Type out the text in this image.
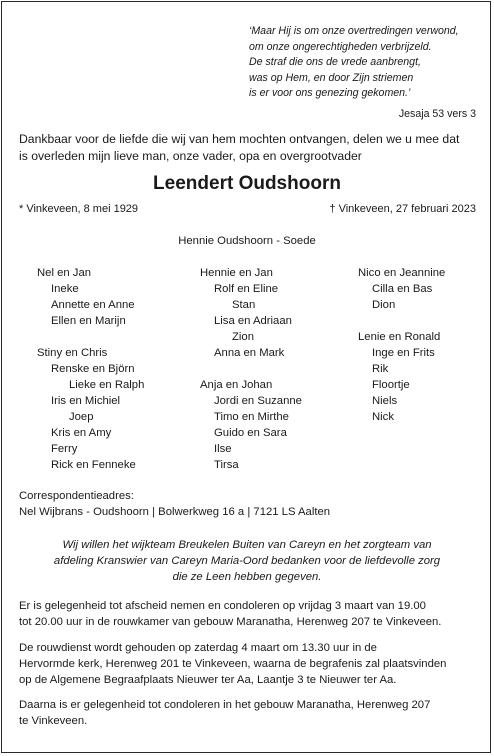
‘Maar Hij is om onze overtredingen verwond,
om onze ongerechtigheden verbrijzeld.
De straf die ons de vrede aanbrengt,
was op Hem, en door Zijn striemen
is er voor ons genezing gekomen.’
Jesaja 53 vers 3
Dankbaar voor de liefde die wij van hem mochten ontvangen, delen we u mee dat
is overleden mijn lieve man, onze vader, opa en overgrootvader
Leendert Oudshoorn
* Vinkeveen, 8 mei 1929	† Vinkeveen, 27 februari 2023
Hennie Oudshoorn - Soede
Nel en Jan
Ineke
Annette en Anne
Ellen en Marijn
Stiny en Chris
Renske en Björn
Lieke en Ralph
Iris en Michiel
Joep
Kris en Amy
Ferry
Rick en Fenneke
Hennie en Jan
Rolf en Eline
Stan
Lisa en Adriaan
Zion
Anna en Mark
Anja en Johan
Jordi en Suzanne
Timo en Mirthe
Guido en Sara
Ilse
Tirsa
Nico en Jeannine
Cilla en Bas
Dion
Lenie en Ronald
Inge en Frits
Rik
Floortje
Niels
Nick
Correspondentieadres:
Nel Wijbrans - Oudshoorn | Bolwerkweg 16 a | 7121 LS Aalten
Wij willen het wijkteam Breukelen Buiten van Careyn en het zorgteam van
afdeling Kranswier van Careyn Maria-Oord bedanken voor de liefdevolle zorg
die ze Leen hebben gegeven.
Er is gelegenheid tot afscheid nemen en condoleren op vrijdag 3 maart van 19.00
tot 20.00 uur in de rouwkamer van gebouw Maranatha, Herenweg 207 te Vinkeveen.
De rouwdienst wordt gehouden op zaterdag 4 maart om 13.30 uur in de
Hervormde kerk, Herenweg 201 te Vinkeveen, waarna de begrafenis zal plaatsvinden
op de Algemene Begraafplaats Nieuwer ter Aa, Laantje 3 te Nieuwer ter Aa.
Daarna is er gelegenheid tot condoleren in het gebouw Maranatha, Herenweg 207
te Vinkeveen.
